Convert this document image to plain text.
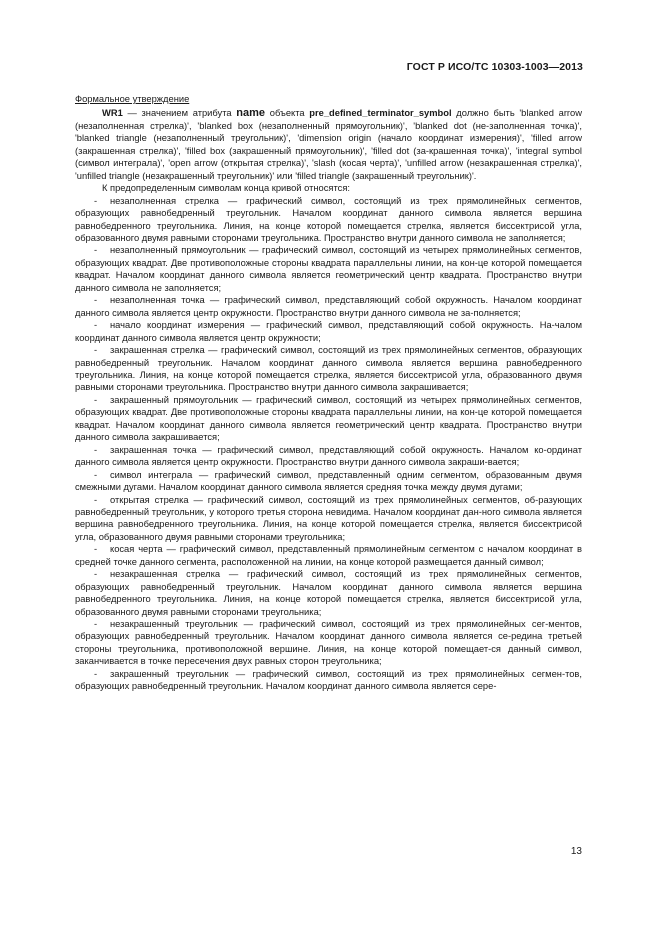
ГОСТ Р ИСО/ТС 10303-1003—2013
Формальное утверждение

WR1 — значением атрибута name объекта pre_defined_terminator_symbol должно быть 'blanked arrow (незаполненная стрелка)', 'blanked box (незаполненный прямоугольник)', 'blanked dot (не-заполненная точка)', 'blanked triangle (незаполненный треугольник)', 'dimension origin (начало координат измерения)', 'filled arrow (закрашенная стрелка)', 'filled box (закрашенный прямоугольник)', 'filled dot (за-крашенная точка)', 'integral symbol (символ интеграла)', 'open arrow (открытая стрелка)', 'slash (косая черта)', 'unfilled arrow (незакрашенная стрелка)', 'unfilled triangle (незакрашенный треугольник)' или 'filled triangle (закрашенный треугольник)'.

К предопределенным символам конца кривой относятся:

- незаполненная стрелка — графический символ, состоящий из трех прямолинейных сегментов, образующих равнобедренный треугольник. Началом координат данного символа является вершина равнобедренного треугольника. Линия, на конце которой помещается стрелка, является биссектрисой угла, образованного двумя равными сторонами треугольника. Пространство внутри данного символа не заполняется;

- незаполненный прямоугольник — графический символ, состоящий из четырех прямолинейных сегментов, образующих квадрат. Две противоположные стороны квадрата параллельны линии, на кон-це которой помещается квадрат. Началом координат данного символа является геометрический центр квадрата. Пространство внутри данного символа не заполняется;

- незаполненная точка — графический символ, представляющий собой окружность. Началом координат данного символа является центр окружности. Пространство внутри данного символа не за-полняется;

- начало координат измерения — графический символ, представляющий собой окружность. На-чалом координат данного символа является центр окружности;

- закрашенная стрелка — графический символ, состоящий из трех прямолинейных сегментов, образующих равнобедренный треугольник. Началом координат данного символа является вершина равнобедренного треугольника. Линия, на конце которой помещается стрелка, является биссектрисой угла, образованного двумя равными сторонами треугольника. Пространство внутри данного символа закрашивается;

- закрашенный прямоугольник — графический символ, состоящий из четырех прямолинейных сегментов, образующих квадрат. Две противоположные стороны квадрата параллельны линии, на кон-це которой помещается квадрат. Началом координат данного символа является геометрический центр квадрата. Пространство внутри данного символа закрашивается;

- закрашенная точка — графический символ, представляющий собой окружность. Началом ко-ординат данного символа является центр окружности. Пространство внутри данного символа закраши-вается;

- символ интеграла — графический символ, представленный одним сегментом, образованным двумя смежными дугами. Началом координат данного символа является средняя точка между двумя дугами;

- открытая стрелка — графический символ, состоящий из трех прямолинейных сегментов, об-разующих равнобедренный треугольник, у которого третья сторона невидима. Началом координат дан-ного символа является вершина равнобедренного треугольника. Линия, на конце которой помещается стрелка, является биссектрисой угла, образованного двумя равными сторонами треугольника;

- косая черта — графический символ, представленный прямолинейным сегментом с началом координат в средней точке данного сегмента, расположенной на линии, на конце которой размещается данный символ;

- незакрашенная стрелка — графический символ, состоящий из трех прямолинейных сегментов, образующих равнобедренный треугольник. Началом координат данного символа является вершина равнобедренного треугольника. Линия, на конце которой помещается стрелка, является биссектрисой угла, образованного двумя равными сторонами треугольника;

- незакрашенный треугольник — графический символ, состоящий из трех прямолинейных сег-ментов, образующих равнобедренный треугольник. Началом координат данного символа является се-редина третьей стороны треугольника, противоположной вершине. Линия, на конце которой помещает-ся данный символ, заканчивается в точке пересечения двух равных сторон треугольника;

- закрашенный треугольник — графический символ, состоящий из трех прямолинейных сегмен-тов, образующих равнобедренный треугольник. Началом координат данного символа является сере-

13
